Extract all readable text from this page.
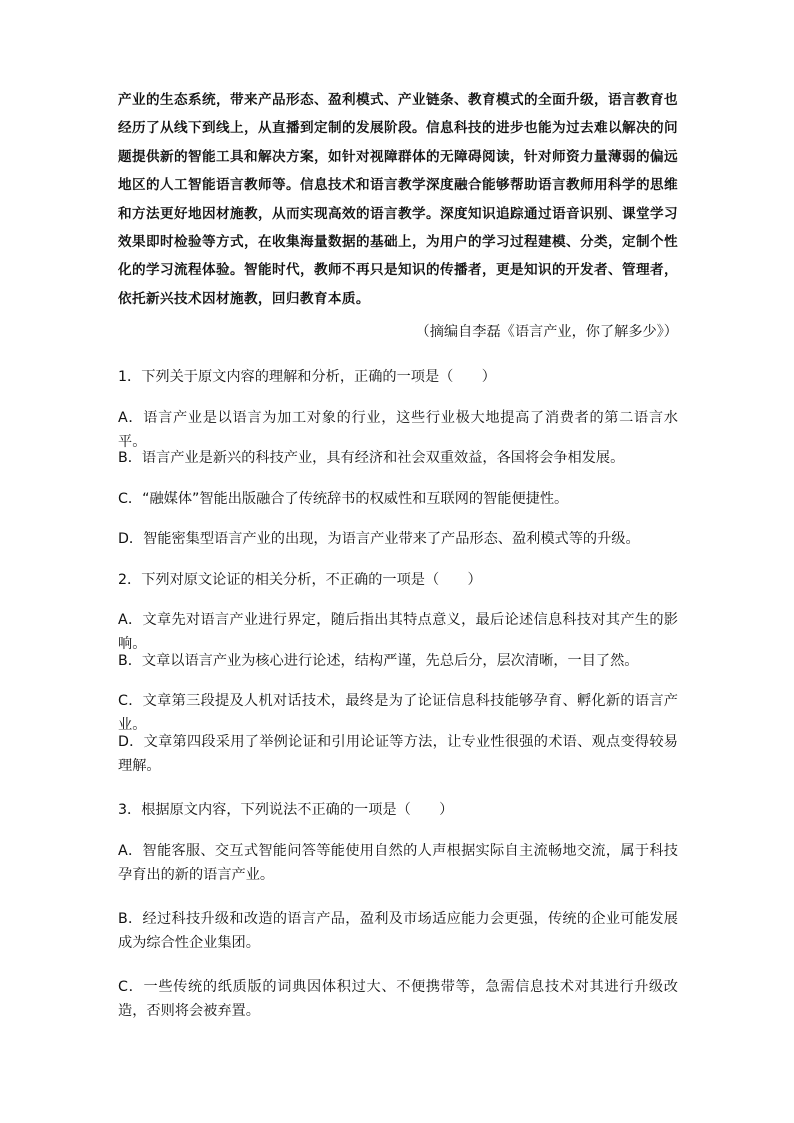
产业的生态系统，带来产品形态、盈利模式、产业链条、教育模式的全面升级，语言教育也经历了从线下到线上，从直播到定制的发展阶段。信息科技的进步也能为过去难以解决的问题提供新的智能工具和解决方案，如针对视障群体的无障碍阅读，针对师资力量薄弱的偏远地区的人工智能语言教师等。信息技术和语言教学深度融合能够帮助语言教师用科学的思维和方法更好地因材施教，从而实现高效的语言教学。深度知识追踪通过语音识别、课堂学习效果即时检验等方式，在收集海量数据的基础上，为用户的学习过程建模、分类，定制个性化的学习流程体验。智能时代，教师不再只是知识的传播者，更是知识的开发者、管理者，依托新兴技术因材施教，回归教育本质。
（摘编自李磊《语言产业，你了解多少》）
1．下列关于原文内容的理解和分析，正确的一项是（　　）
A．语言产业是以语言为加工对象的行业，这些行业极大地提高了消费者的第二语言水平。
B．语言产业是新兴的科技产业，具有经济和社会双重效益，各国将会争相发展。
C．“融媒体”智能出版融合了传统辞书的权威性和互联网的智能便捷性。
D．智能密集型语言产业的出现，为语言产业带来了产品形态、盈利模式等的升级。
2．下列对原文论证的相关分析，不正确的一项是（　　）
A．文章先对语言产业进行界定，随后指出其特点意义，最后论述信息科技对其产生的影响。
B．文章以语言产业为核心进行论述，结构严谨，先总后分，层次清晰，一目了然。
C．文章第三段提及人机对话技术，最终是为了论证信息科技能够孕育、孵化新的语言产业。
D．文章第四段采用了举例论证和引用论证等方法，让专业性很强的术语、观点变得较易理解。
3．根据原文内容，下列说法不正确的一项是（　　）
A．智能客服、交互式智能问答等能使用自然的人声根据实际自主流畅地交流，属于科技孕育出的新的语言产业。
B．经过科技升级和改造的语言产品，盈利及市场适应能力会更强，传统的企业可能发展成为综合性企业集团。
C．一些传统的纸质版的词典因体积过大、不便携带等，急需信息技术对其进行升级改造，否则将会被弃置。
